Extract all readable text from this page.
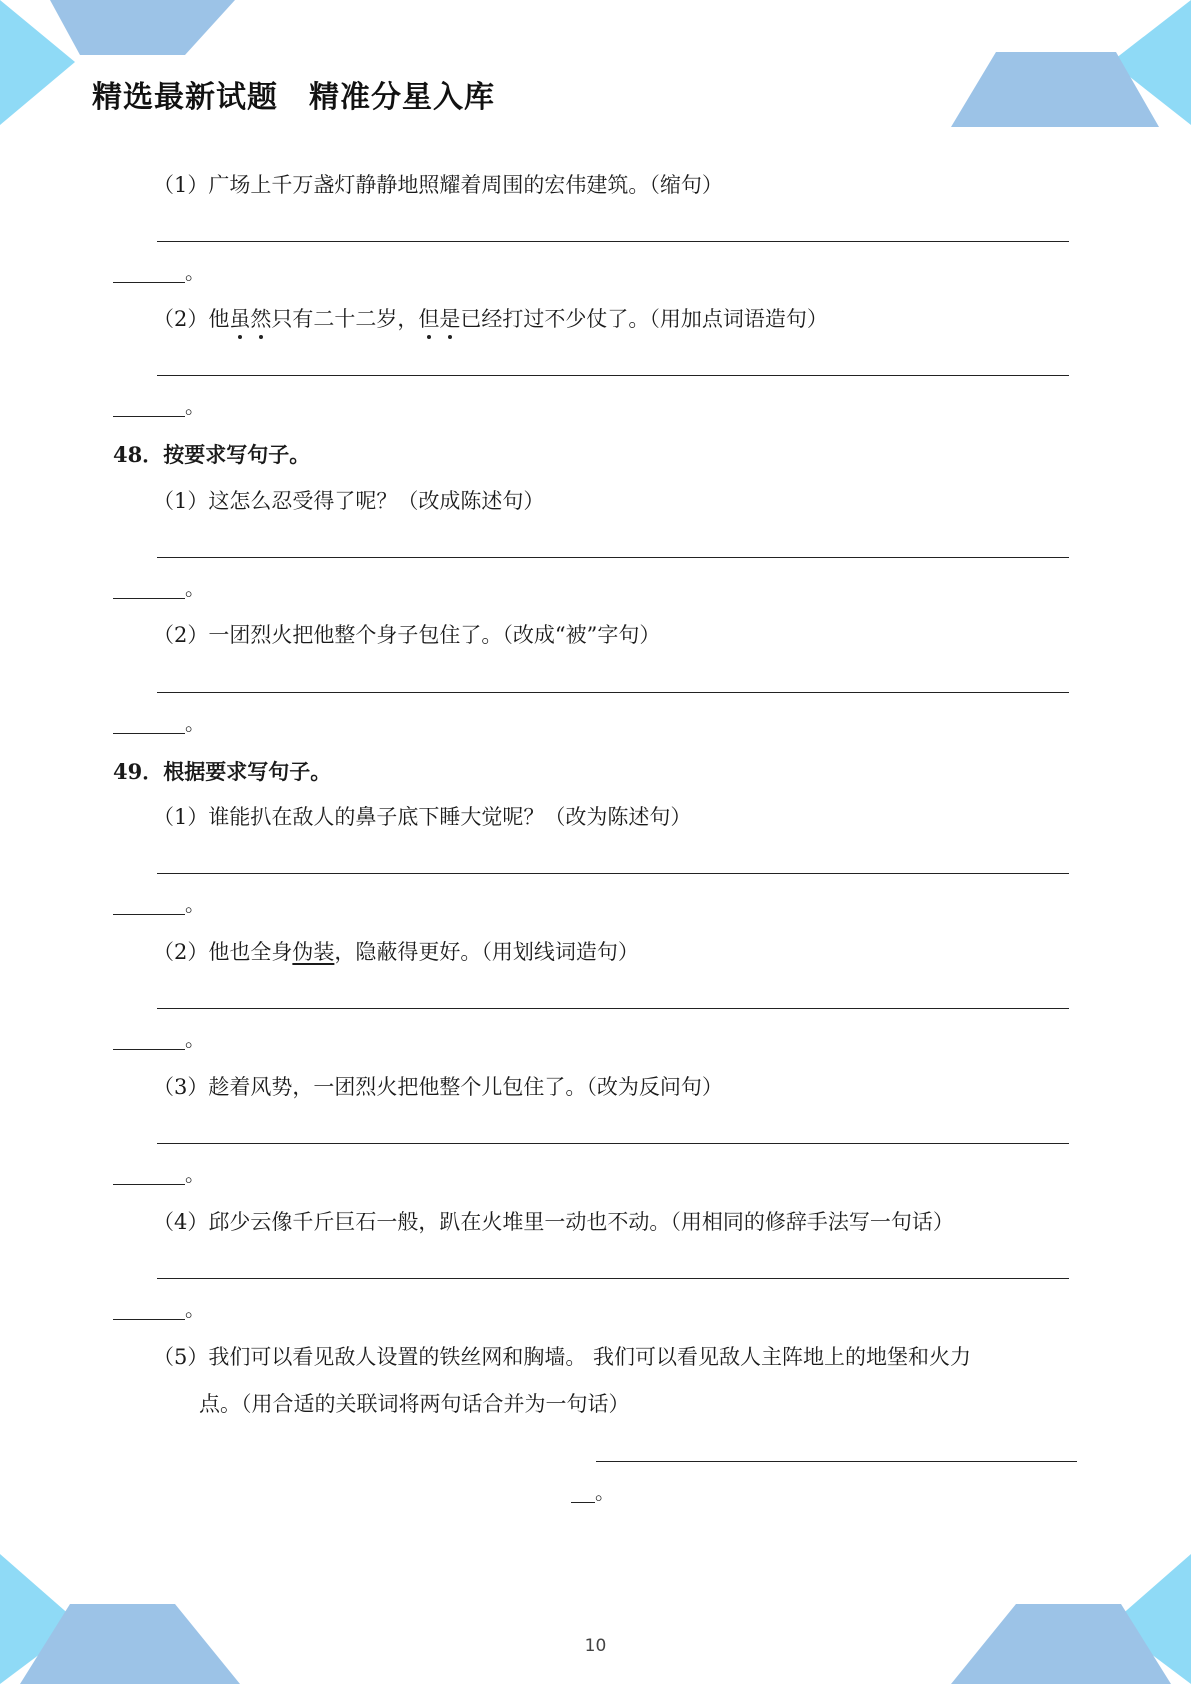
精选最新试题　精准分星入库
（1）广场上千万盏灯静静地照耀着周围的宏伟建筑。（缩句）
。
（2）他虽然只有二十二岁，但是已经打过不少仗了。（用加点词语造句）
。
48．按要求写句子。
（1）这怎么忍受得了呢？（改成陈述句）
。
（2）一团烈火把他整个身子包住了。（改成“被”字句）
。
49．根据要求写句子。
（1）谁能扒在敌人的鼻子底下睡大觉呢？（改为陈述句）
。
（2）他也全身伪装，隐蔽得更好。（用划线词造句）
。
（3）趁着风势，一团烈火把他整个儿包住了。（改为反问句）
。
（4）邱少云像千斤巨石一般，趴在火堆里一动也不动。（用相同的修辞手法写一句话）
。
（5）我们可以看见敌人设置的铁丝网和胸墙。 我们可以看见敌人主阵地上的地堡和火力
点。（用合适的关联词将两句话合并为一句话）
。
10
